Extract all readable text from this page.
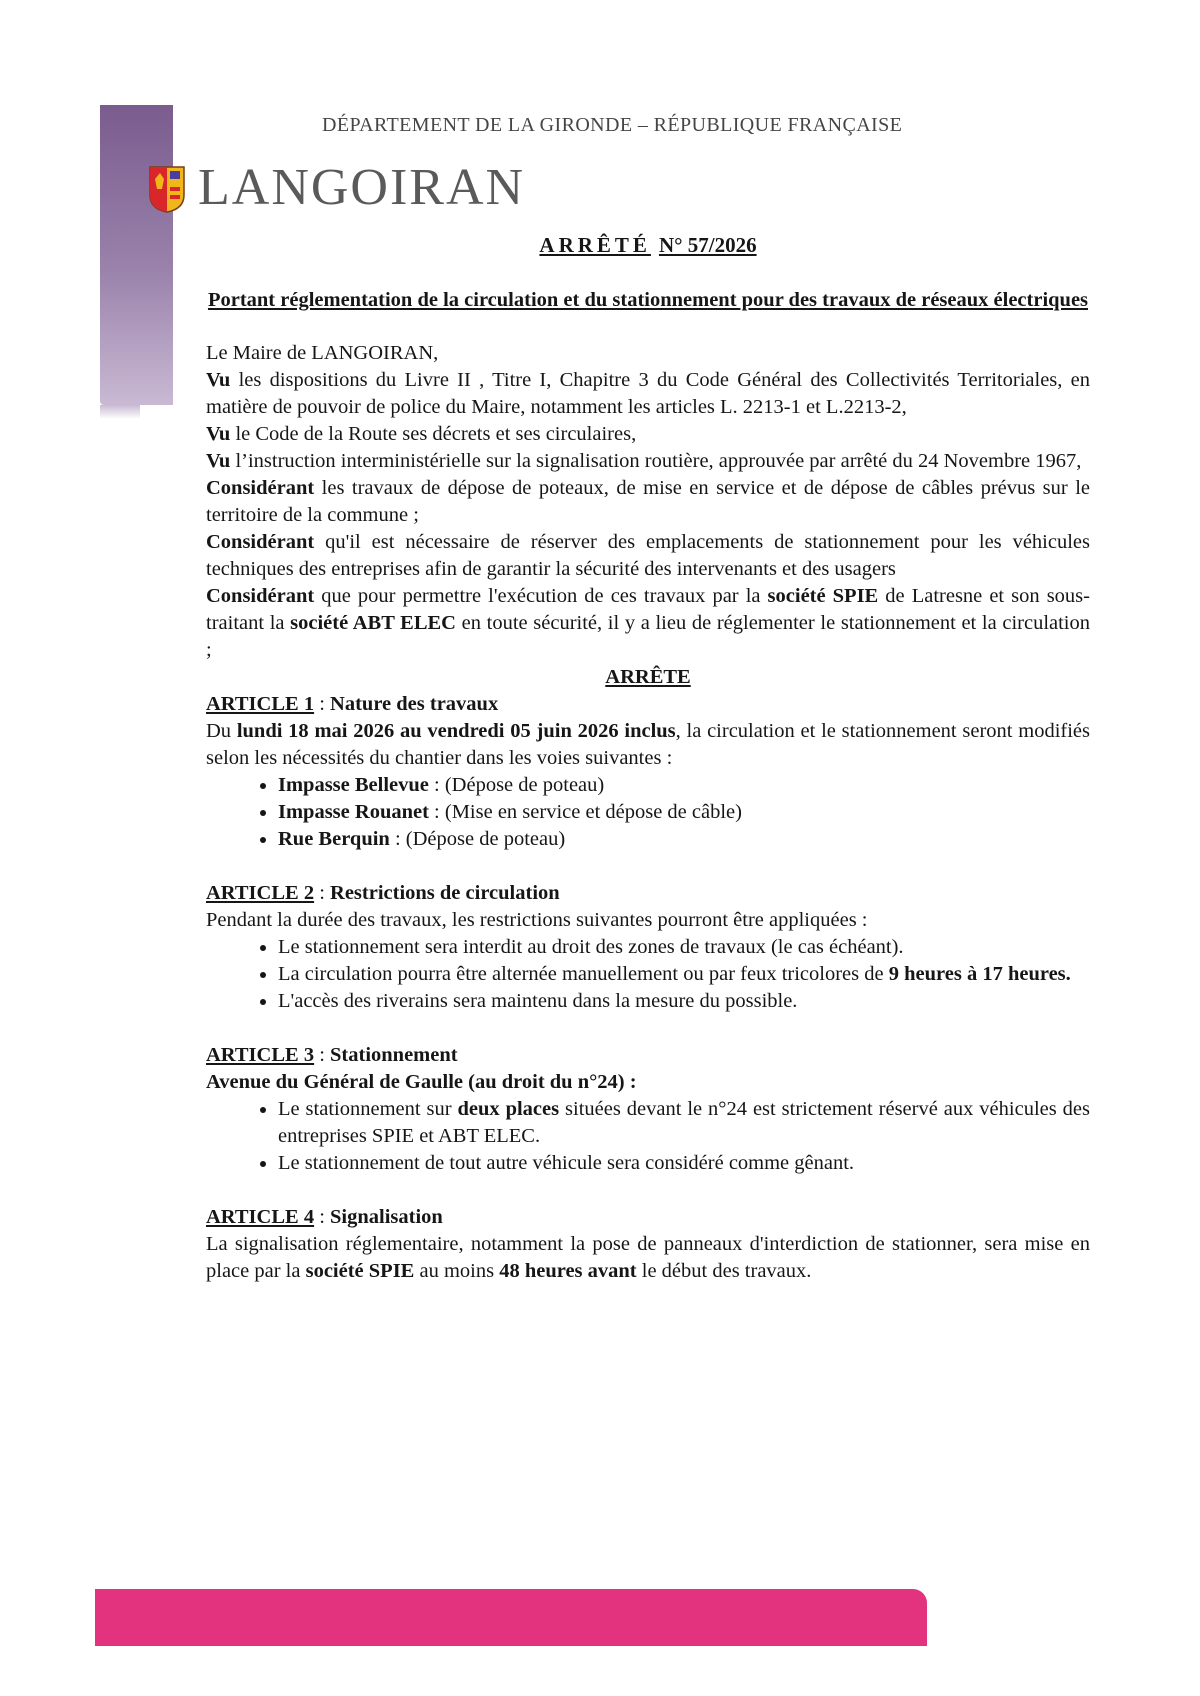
DÉPARTEMENT DE LA GIRONDE – RÉPUBLIQUE FRANÇAISE
LANGOIRAN

ARRÊTÉ N° 57/2026

Portant réglementation de la circulation et du stationnement pour des travaux de réseaux électriques

Le Maire de LANGOIRAN,

Vu les dispositions du Livre II , Titre I, Chapitre 3 du Code Général des Collectivités Territoriales, en matière de pouvoir de police du Maire, notamment les articles L. 2213-1 et L.2213-2,

Vu le Code de la Route ses décrets et ses circulaires,

Vu l’instruction interministérielle sur la signalisation routière, approuvée par arrêté du 24 Novembre 1967,

Considérant les travaux de dépose de poteaux, de mise en service et de dépose de câbles prévus sur le territoire de la commune ;

Considérant qu'il est nécessaire de réserver des emplacements de stationnement pour les véhicules techniques des entreprises afin de garantir la sécurité des intervenants et des usagers

Considérant que pour permettre l'exécution de ces travaux par la société SPIE de Latresne et son sous-traitant la société ABT ELEC en toute sécurité, il y a lieu de réglementer le stationnement et la circulation ;

ARRÊTE

ARTICLE 1 : Nature des travaux

Du lundi 18 mai 2026 au vendredi 05 juin 2026 inclus, la circulation et le stationnement seront modifiés selon les nécessités du chantier dans les voies suivantes :

• Impasse Bellevue : (Dépose de poteau)
• Impasse Rouanet : (Mise en service et dépose de câble)
• Rue Berquin : (Dépose de poteau)

ARTICLE 2 : Restrictions de circulation

Pendant la durée des travaux, les restrictions suivantes pourront être appliquées :

• Le stationnement sera interdit au droit des zones de travaux (le cas échéant).
• La circulation pourra être alternée manuellement ou par feux tricolores de 9 heures à 17 heures.
• L'accès des riverains sera maintenu dans la mesure du possible.

ARTICLE 3 : Stationnement

Avenue du Général de Gaulle (au droit du n°24) :

• Le stationnement sur deux places situées devant le n°24 est strictement réservé aux véhicules des entreprises SPIE et ABT ELEC.
• Le stationnement de tout autre véhicule sera considéré comme gênant.

ARTICLE 4 : Signalisation

La signalisation réglementaire, notamment la pose de panneaux d'interdiction de stationner, sera mise en place par la société SPIE au moins 48 heures avant le début des travaux.
